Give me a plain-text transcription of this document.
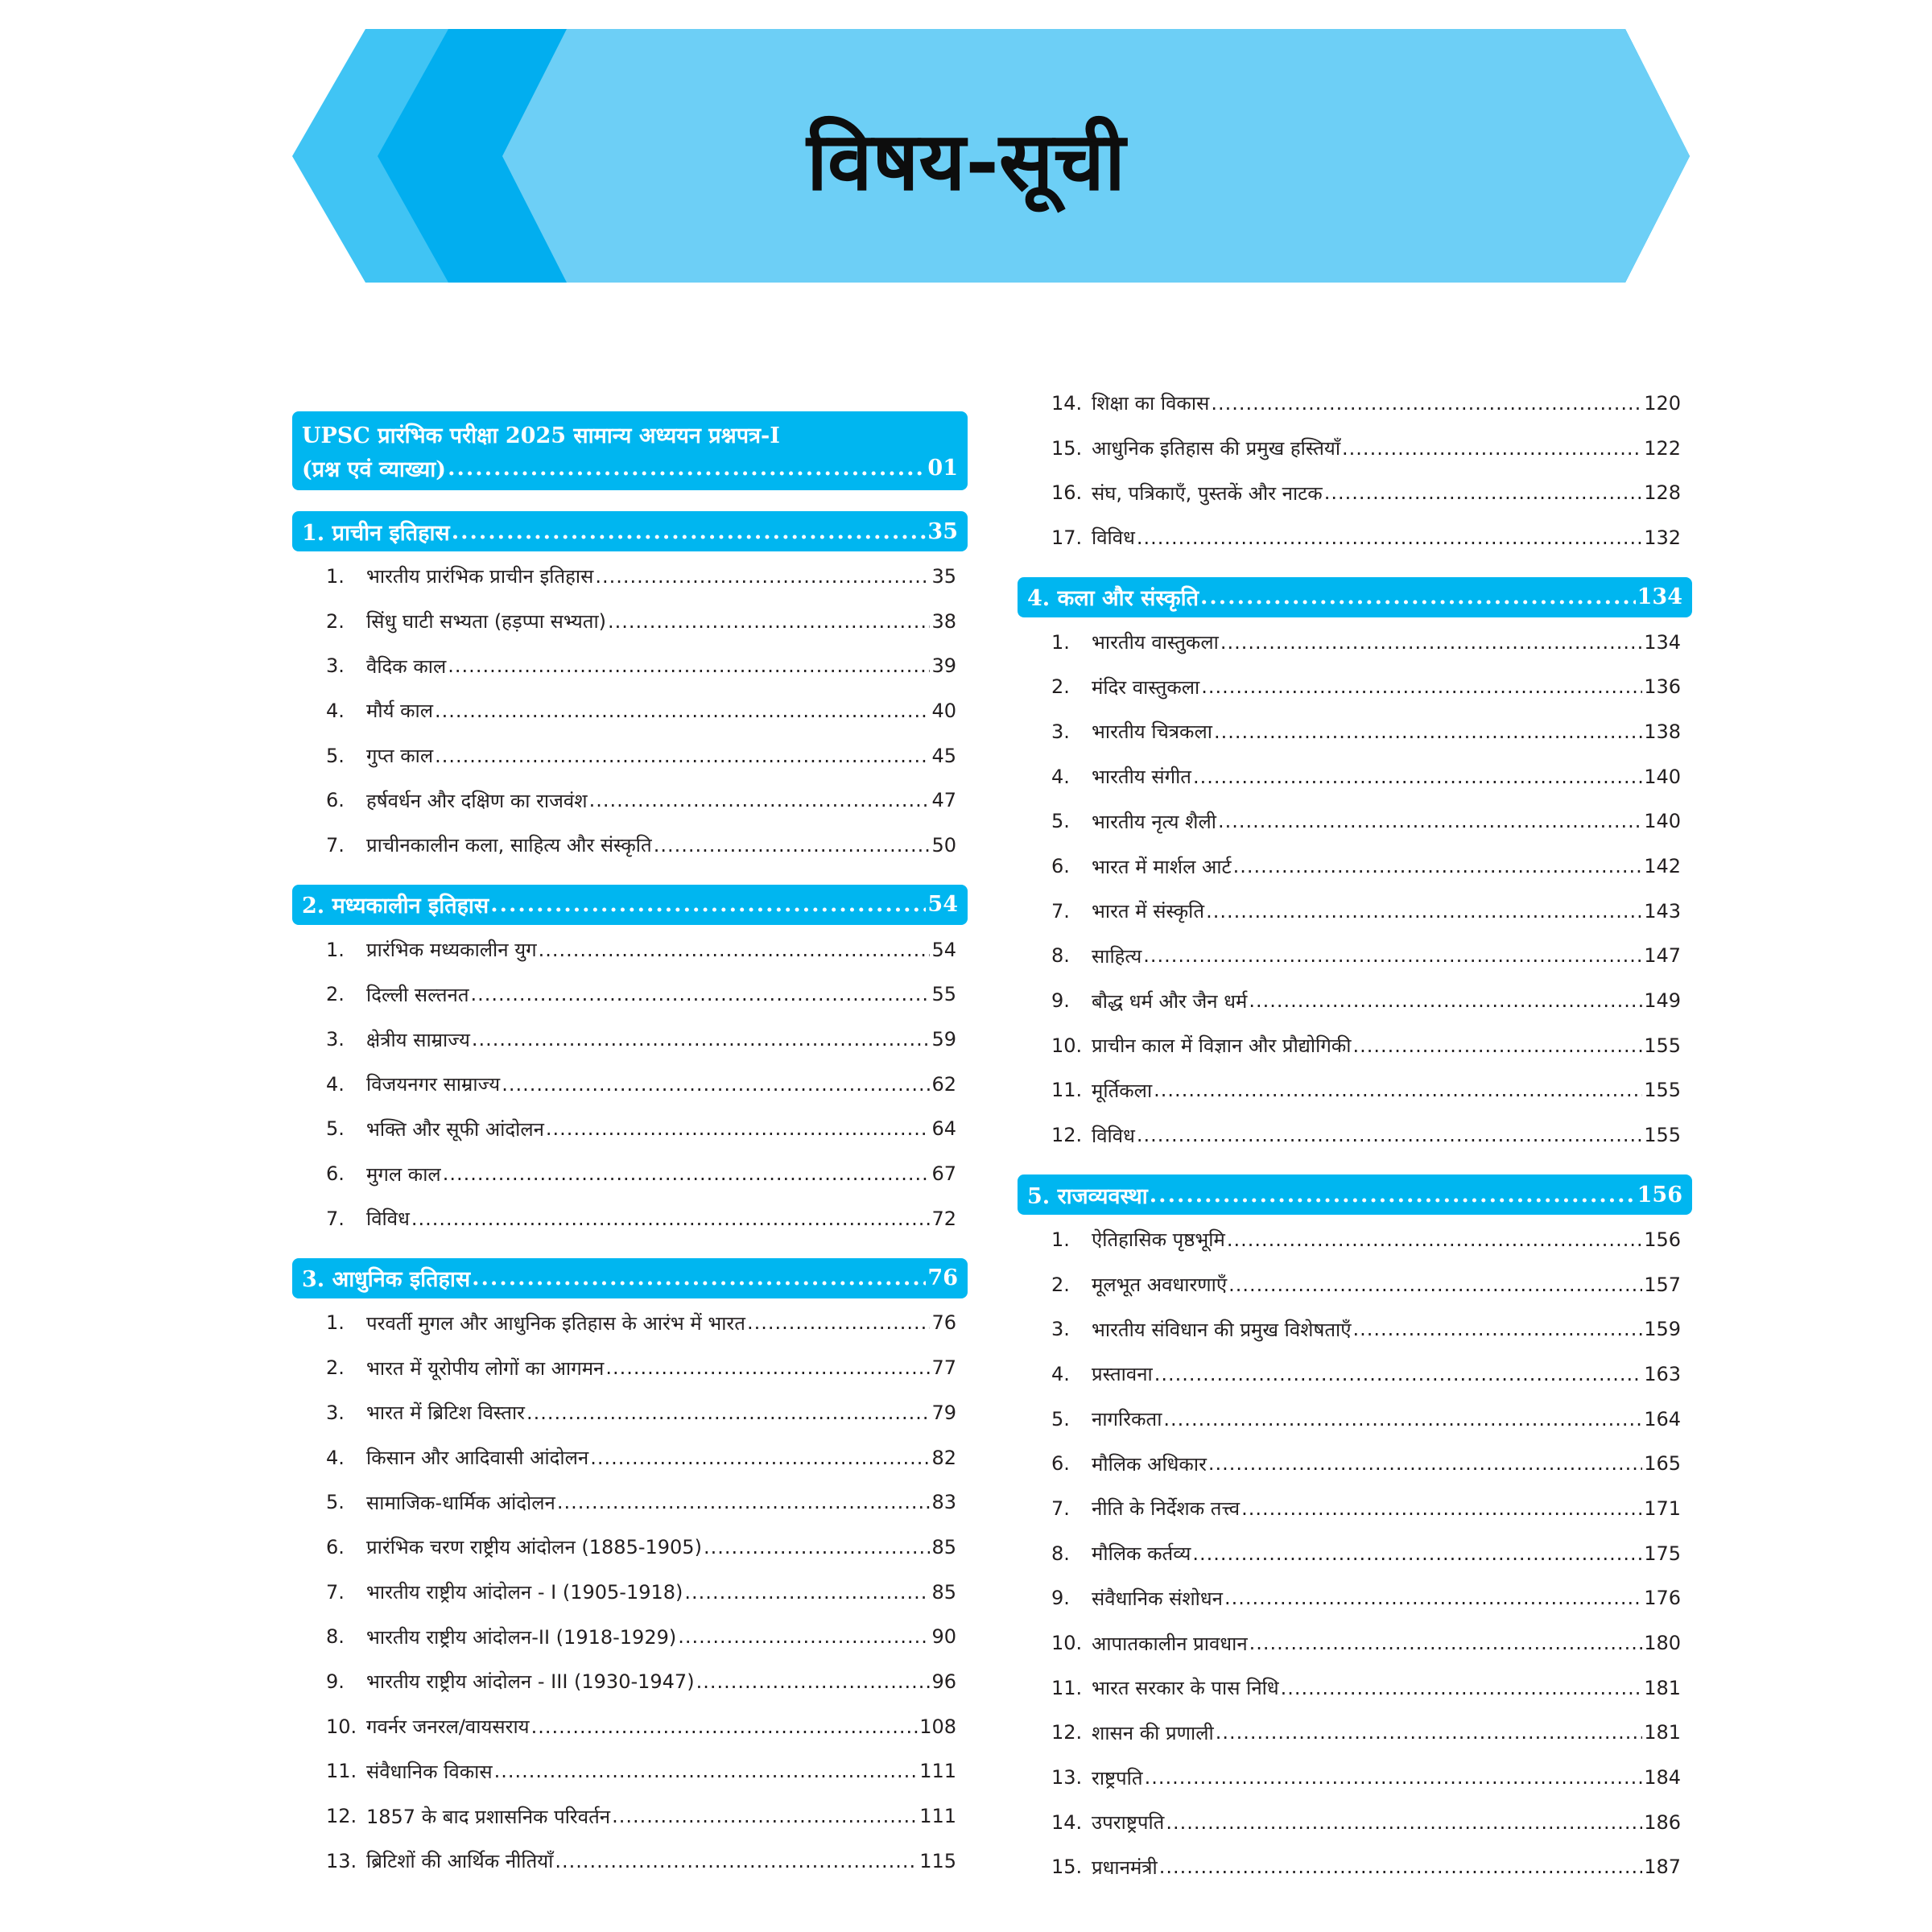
विषय-सूची
UPSC प्रारंभिक परीक्षा 2025 सामान्य अध्ययन प्रश्नपत्र-I
(प्रश्न एवं व्याख्या) .....	01
1. प्राचीन इतिहास .....	35
1.	भारतीय प्रारंभिक प्राचीन इतिहास .....	35
2.	सिंधु घाटी सभ्यता (हड़प्पा सभ्यता) .....	38
3.	वैदिक काल .....	39
4.	मौर्य काल .....	40
5.	गुप्त काल .....	45
6.	हर्षवर्धन और दक्षिण का राजवंश .....	47
7.	प्राचीनकालीन कला, साहित्य और संस्कृति .....	50
2. मध्यकालीन इतिहास .....	54
1.	प्रारंभिक मध्यकालीन युग .....	54
2.	दिल्ली सल्तनत .....	55
3.	क्षेत्रीय साम्राज्य .....	59
4.	विजयनगर साम्राज्य .....	62
5.	भक्ति और सूफी आंदोलन .....	64
6.	मुगल काल .....	67
7.	विविध .....	72
3. आधुनिक इतिहास .....	76
1.	परवर्ती मुगल और आधुनिक इतिहास के आरंभ में भारत .....	76
2.	भारत में यूरोपीय लोगों का आगमन .....	77
3.	भारत में ब्रिटिश विस्तार .....	79
4.	किसान और आदिवासी आंदोलन .....	82
5.	सामाजिक-धार्मिक आंदोलन .....	83
6.	प्रारंभिक चरण राष्ट्रीय आंदोलन (1885-1905) .....	85
7.	भारतीय राष्ट्रीय आंदोलन - I (1905-1918) .....	85
8.	भारतीय राष्ट्रीय आंदोलन-II (1918-1929) .....	90
9.	भारतीय राष्ट्रीय आंदोलन - III (1930-1947) .....	96
10. गवर्नर जनरल/वायसराय .....	108
11. संवैधानिक विकास .....	111
12. 1857 के बाद प्रशासनिक परिवर्तन .....	111
13. ब्रिटिशों की आर्थिक नीतियाँ .....	115
14. शिक्षा का विकास .....	120
15. आधुनिक इतिहास की प्रमुख हस्तियाँ .....	122
16. संघ, पत्रिकाएँ, पुस्तकें और नाटक .....	128
17. विविध .....	132
4. कला और संस्कृति .....	134
1.	भारतीय वास्तुकला .....	134
2.	मंदिर वास्तुकला .....	136
3.	भारतीय चित्रकला .....	138
4.	भारतीय संगीत .....	140
5.	भारतीय नृत्य शैली .....	140
6.	भारत में मार्शल आर्ट .....	142
7.	भारत में संस्कृति .....	143
8.	साहित्य .....	147
9.	बौद्ध धर्म और जैन धर्म .....	149
10. प्राचीन काल में विज्ञान और प्रौद्योगिकी .....	155
11. मूर्तिकला .....	155
12. विविध .....	155
5. राजव्यवस्था .....	156
1.	ऐतिहासिक पृष्ठभूमि .....	156
2.	मूलभूत अवधारणाएँ .....	157
3.	भारतीय संविधान की प्रमुख विशेषताएँ .....	159
4.	प्रस्तावना .....	163
5.	नागरिकता .....	164
6.	मौलिक अधिकार .....	165
7.	नीति के निर्देशक तत्त्व .....	171
8.	मौलिक कर्तव्य .....	175
9.	संवैधानिक संशोधन .....	176
10. आपातकालीन प्रावधान .....	180
11. भारत सरकार के पास निधि .....	181
12. शासन की प्रणाली .....	181
13. राष्ट्रपति .....	184
14. उपराष्ट्रपति .....	186
15. प्रधानमंत्री .....	187
